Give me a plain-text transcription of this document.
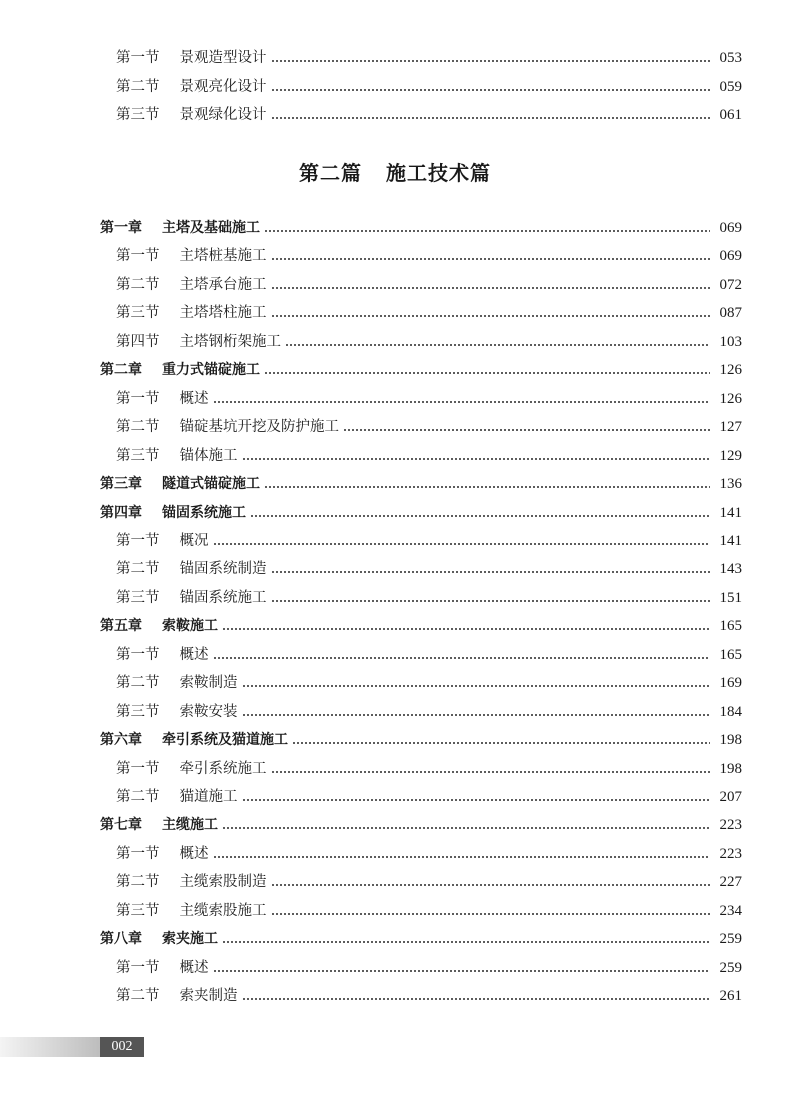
第一节 景观造型设计	053
第二节 景观亮化设计	059
第三节 景观绿化设计	061
第二篇 施工技术篇
第一章 主塔及基础施工	069
第一节 主塔桩基施工	069
第二节 主塔承台施工	072
第三节 主塔塔柱施工	087
第四节 主塔钢桁架施工	103
第二章 重力式锚碇施工	126
第一节 概述	126
第二节 锚碇基坑开挖及防护施工	127
第三节 锚体施工	129
第三章 隧道式锚碇施工	136
第四章 锚固系统施工	141
第一节 概况	141
第二节 锚固系统制造	143
第三节 锚固系统施工	151
第五章 索鞍施工	165
第一节 概述	165
第二节 索鞍制造	169
第三节 索鞍安装	184
第六章 牵引系统及猫道施工	198
第一节 牵引系统施工	198
第二节 猫道施工	207
第七章 主缆施工	223
第一节 概述	223
第二节 主缆索股制造	227
第三节 主缆索股施工	234
第八章 索夹施工	259
第一节 概述	259
第二节 索夹制造	261
002
